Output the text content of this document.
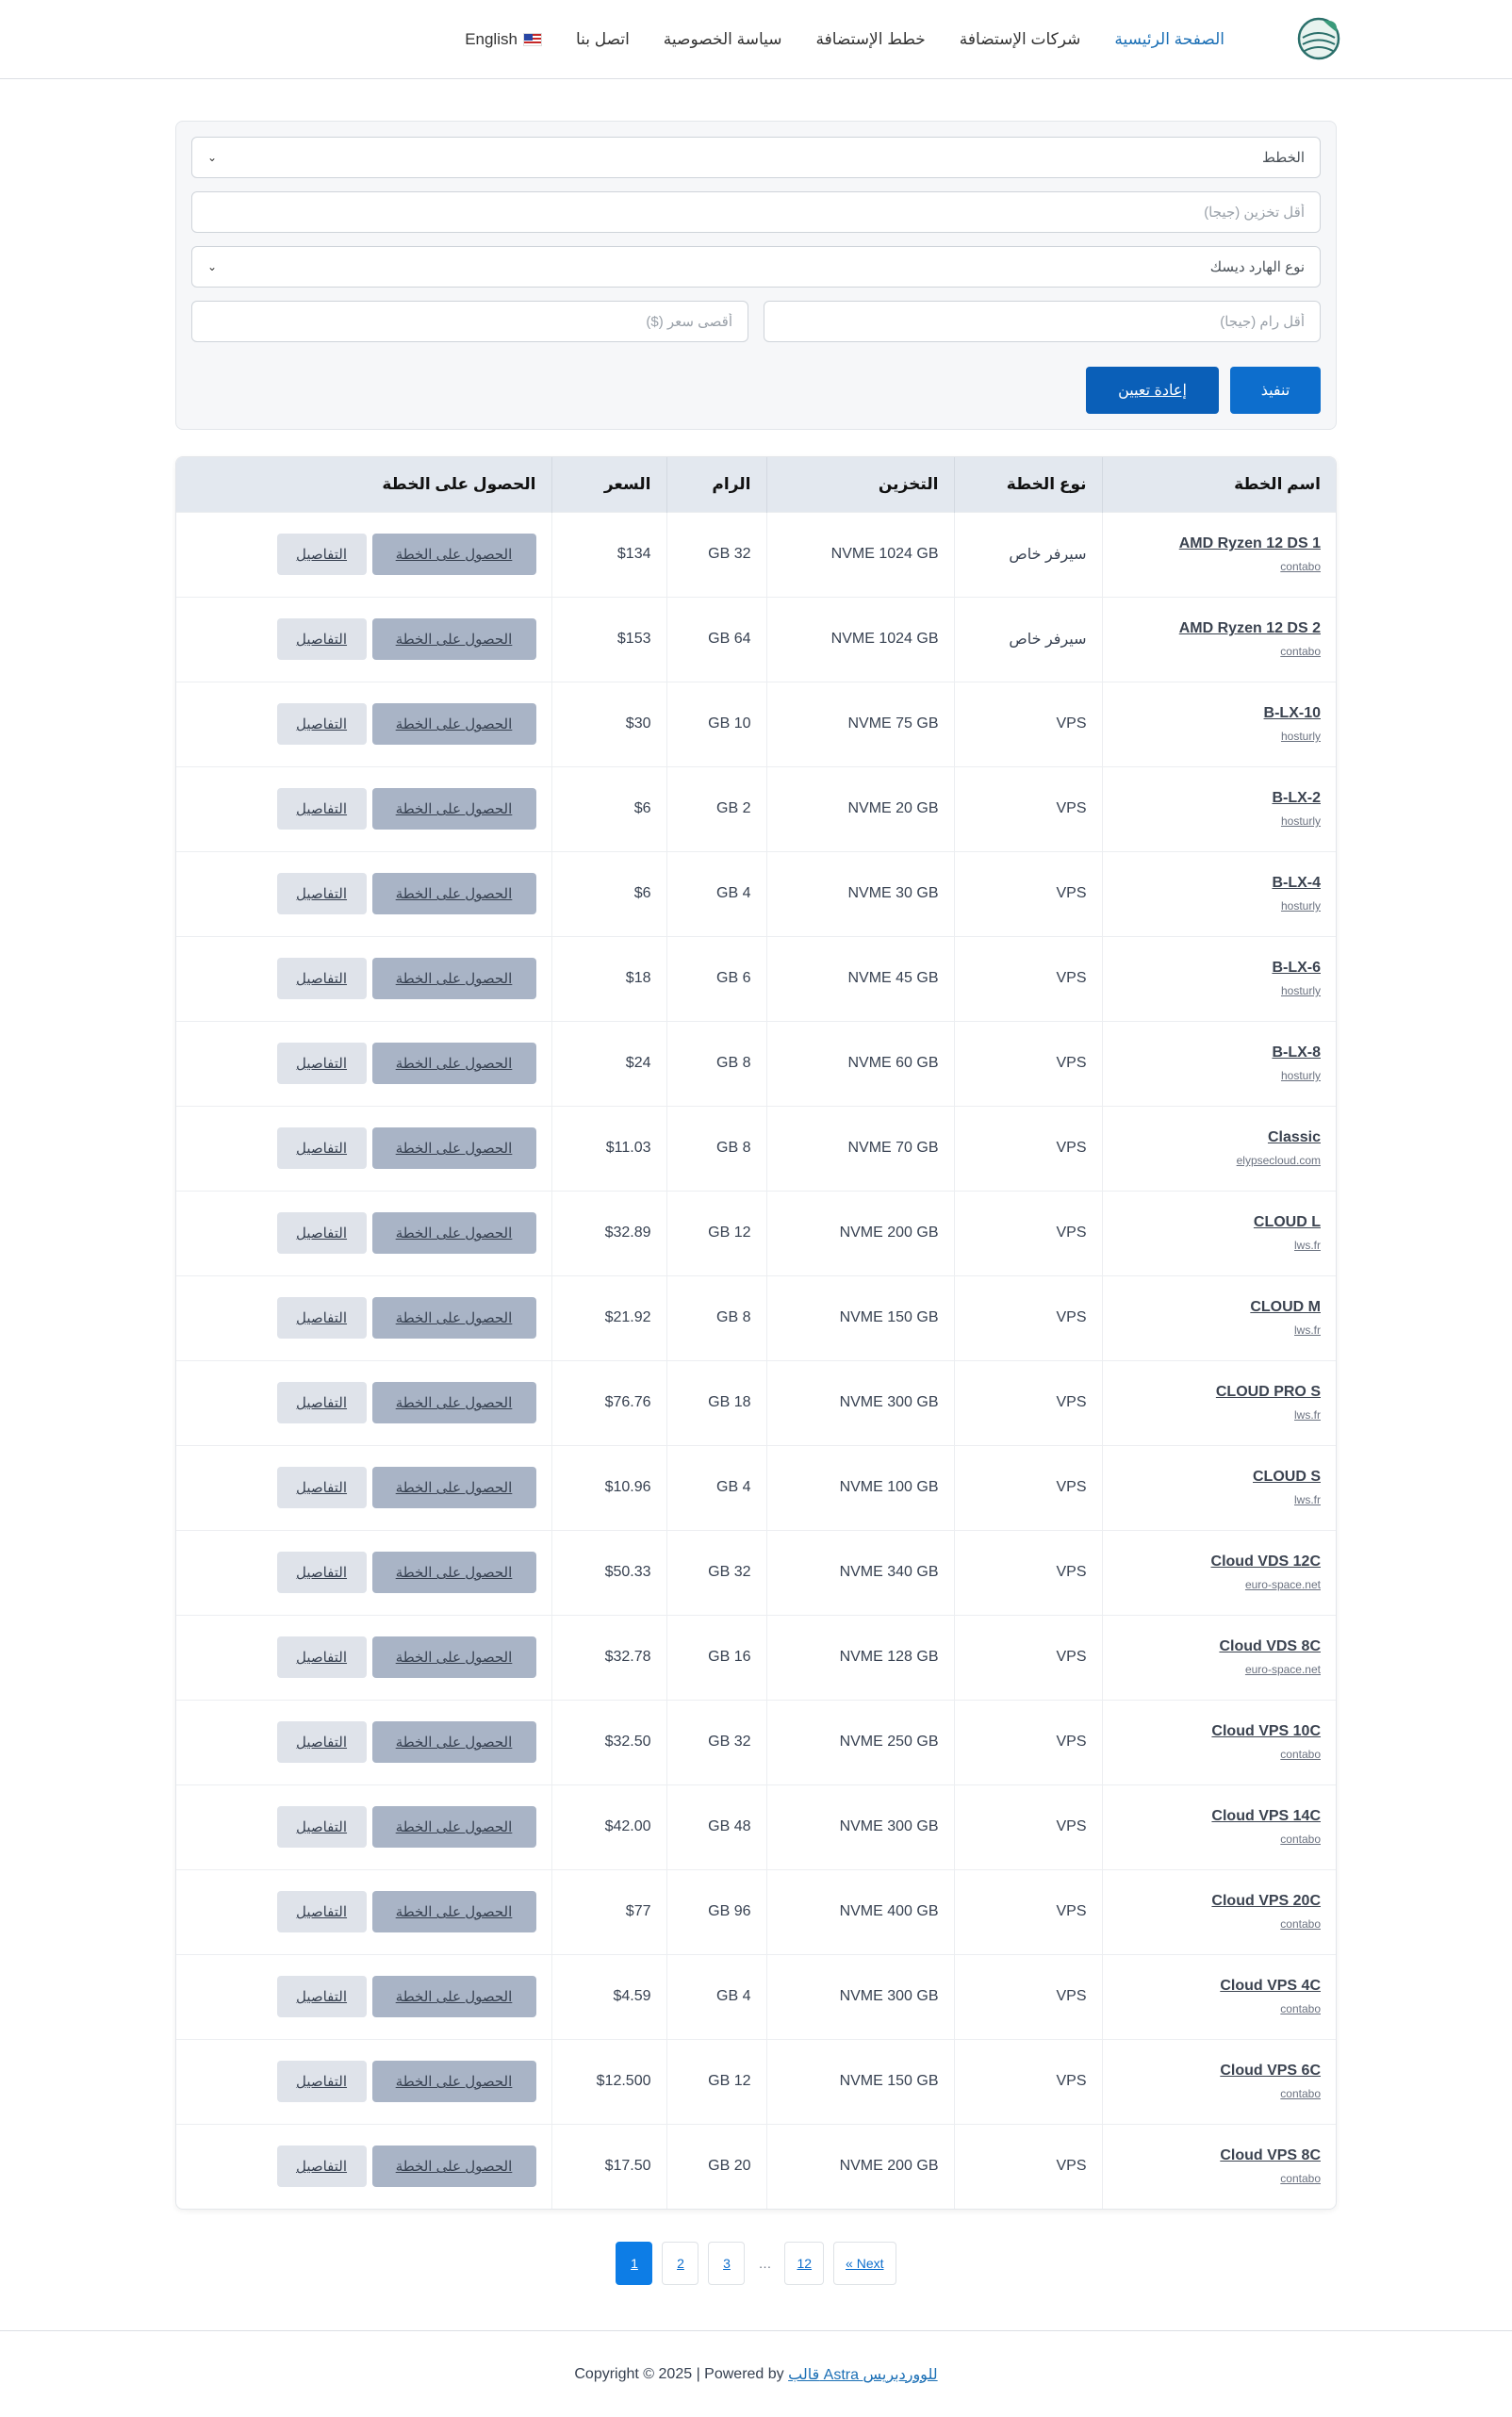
الصفحة الرئيسية
شركات الإستضافة
خطط الإستضافة
سياسة الخصوصية
اتصل بنا
English
الخطط
⌄
أقل تخزين (جيجا)
نوع الهارد ديسك
⌄
أقل رام (جيجا)
أقصى سعر ($)
تنفيذ
إعادة تعيين
اسم الخطة	نوع الخطة	التخزين	الرام	السعر	الحصول على الخطة

AMD Ryzen 12 DS 1
contabo	سيرفر خاص	NVME 1024 GB	GB 32	$134	الحصول على الخطة
التفاصيل

AMD Ryzen 12 DS 2
contabo	سيرفر خاص	NVME 1024 GB	GB 64	$153	الحصول على الخطة
التفاصيل

B-LX-10
hosturly	VPS	NVME 75 GB	GB 10	$30	الحصول على الخطة
التفاصيل

B-LX-2
hosturly	VPS	NVME 20 GB	GB 2	$6	الحصول على الخطة
التفاصيل

B-LX-4
hosturly	VPS	NVME 30 GB	GB 4	$6	الحصول على الخطة
التفاصيل

B-LX-6
hosturly	VPS	NVME 45 GB	GB 6	$18	الحصول على الخطة
التفاصيل

B-LX-8
hosturly	VPS	NVME 60 GB	GB 8	$24	الحصول على الخطة
التفاصيل

Classic
elypsecloud.com	VPS	NVME 70 GB	GB 8	$11.03	الحصول على الخطة
التفاصيل

CLOUD L
lws.fr	VPS	NVME 200 GB	GB 12	$32.89	الحصول على الخطة
التفاصيل

CLOUD M
lws.fr	VPS	NVME 150 GB	GB 8	$21.92	الحصول على الخطة
التفاصيل

CLOUD PRO S
lws.fr	VPS	NVME 300 GB	GB 18	$76.76	الحصول على الخطة
التفاصيل

CLOUD S
lws.fr	VPS	NVME 100 GB	GB 4	$10.96	الحصول على الخطة
التفاصيل

Cloud VDS 12C
euro-space.net	VPS	NVME 340 GB	GB 32	$50.33	الحصول على الخطة
التفاصيل

Cloud VDS 8C
euro-space.net	VPS	NVME 128 GB	GB 16	$32.78	الحصول على الخطة
التفاصيل

Cloud VPS 10C
contabo	VPS	NVME 250 GB	GB 32	$32.50	الحصول على الخطة
التفاصيل

Cloud VPS 14C
contabo	VPS	NVME 300 GB	GB 48	$42.00	الحصول على الخطة
التفاصيل

Cloud VPS 20C
contabo	VPS	NVME 400 GB	GB 96	$77	الحصول على الخطة
التفاصيل

Cloud VPS 4C
contabo	VPS	NVME 300 GB	GB 4	$4.59	الحصول على الخطة
التفاصيل

Cloud VPS 6C
contabo	VPS	NVME 150 GB	GB 12	$12.500	الحصول على الخطة
التفاصيل

Cloud VPS 8C
contabo	VPS	NVME 200 GB	GB 20	$17.50	الحصول على الخطة
التفاصيل
1	2	3	…	12	« Next
Copyright © 2025 | Powered by
قالب Astra للووردبريس
